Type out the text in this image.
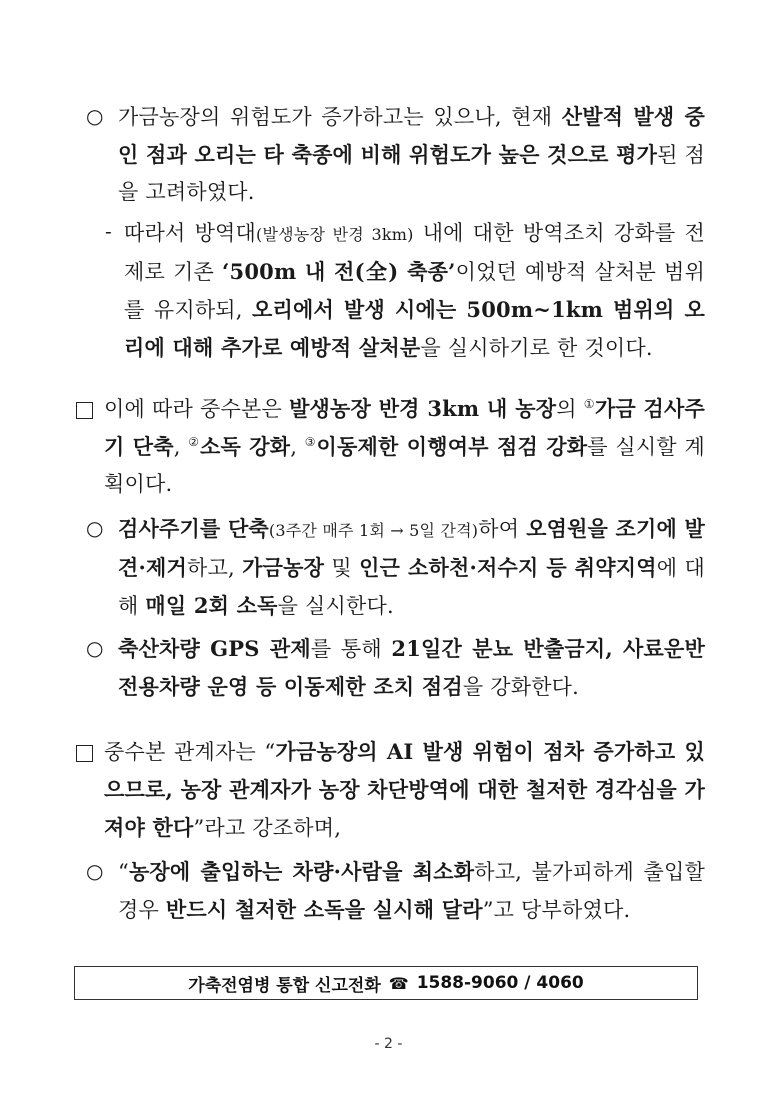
○ 가금농장의 위험도가 증가하고는 있으나, 현재 산발적 발생 중인 점과 오리는 타 축종에 비해 위험도가 높은 것으로 평가된 점을 고려하였다.
- 따라서 방역대(발생농장 반경 3km) 내에 대한 방역조치 강화를 전제로 기존 ‘500m 내 전(全) 축종’이었던 예방적 살처분 범위를 유지하되, 오리에서 발생 시에는 500m~1km 범위의 오리에 대해 추가로 예방적 살처분을 실시하기로 한 것이다.
이에 따라 중수본은 발생농장 반경 3km 내 농장의 ①가금 검사주기 단축, ②소독 강화, ③이동제한 이행여부 점검 강화를 실시할 계획이다.
○ 검사주기를 단축(3주간 매주 1회 → 5일 간격)하여 오염원을 조기에 발견·제거하고, 가금농장 및 인근 소하천·저수지 등 취약지역에 대해 매일 2회 소독을 실시한다.
○ 축산차량 GPS 관제를 통해 21일간 분뇨 반출금지, 사료운반 전용차량 운영 등 이동제한 조치 점검을 강화한다.
중수본 관계자는 “가금농장의 AI 발생 위험이 점차 증가하고 있으므로, 농장 관계자가 농장 차단방역에 대한 철저한 경각심을 가져야 한다”라고 강조하며,
○ “농장에 출입하는 차량·사람을 최소화하고, 불가피하게 출입할 경우 반드시 철저한 소독을 실시해 달라”고 당부하였다.
가축전염병 통합 신고전화 ☎ 1588-9060 / 4060
- 2 -
